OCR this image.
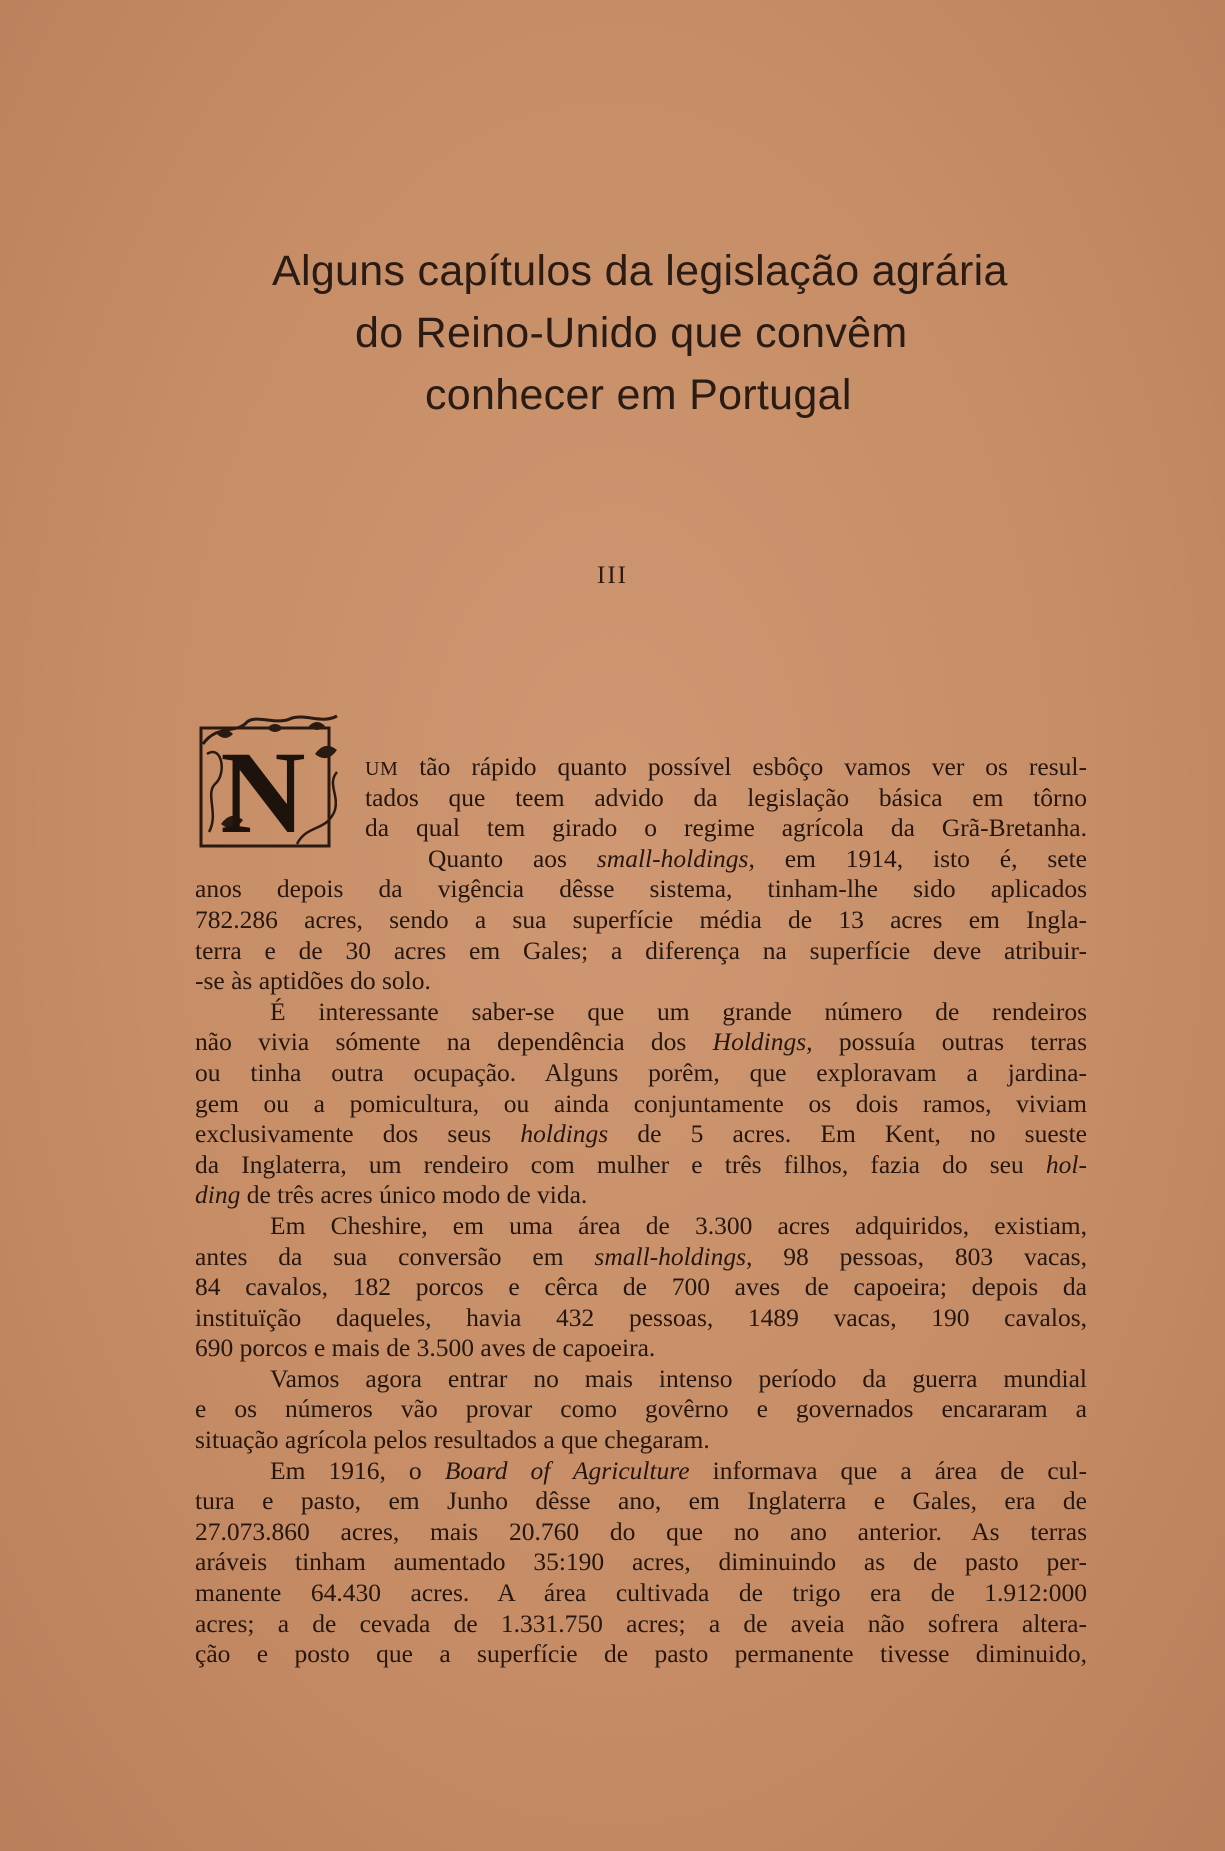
Alguns capítulos da legislação agrária
do Reino-Unido que convêm
conhecer em Portugal
III
N	UM tão rápido quanto possível esbôço vamos ver os resul-
tados que teem advido da legislação básica em tôrno
da qual tem girado o regime agrícola da Grã-Bretanha.
Quanto aos small-holdings, em 1914, isto é, sete
anos depois da vigência dêsse sistema, tinham-lhe sido aplicados
782.286 acres, sendo a sua superfície média de 13 acres em Ingla-
terra e de 30 acres em Gales; a diferença na superfície deve atribuir-
-se às aptidões do solo.
É interessante saber-se que um grande número de rendeiros
não vivia sómente na dependência dos Holdings, possuía outras terras
ou tinha outra ocupação. Alguns porêm, que exploravam a jardina-
gem ou a pomicultura, ou ainda conjuntamente os dois ramos, viviam
exclusivamente dos seus holdings de 5 acres. Em Kent, no sueste
da Inglaterra, um rendeiro com mulher e três filhos, fazia do seu hol-
ding de três acres único modo de vida.
Em Cheshire, em uma área de 3.300 acres adquiridos, existiam,
antes da sua conversão em small-holdings, 98 pessoas, 803 vacas,
84 cavalos, 182 porcos e cêrca de 700 aves de capoeira; depois da
instituïção daqueles, havia 432 pessoas, 1489 vacas, 190 cavalos,
690 porcos e mais de 3.500 aves de capoeira.
Vamos agora entrar no mais intenso período da guerra mundial
e os números vão provar como govêrno e governados encararam a
situação agrícola pelos resultados a que chegaram.
Em 1916, o Board of Agriculture informava que a área de cul-
tura e pasto, em Junho dêsse ano, em Inglaterra e Gales, era de
27.073.860 acres, mais 20.760 do que no ano anterior. As terras
aráveis tinham aumentado 35:190 acres, diminuindo as de pasto per-
manente 64.430 acres. A área cultivada de trigo era de 1.912:000
acres; a de cevada de 1.331.750 acres; a de aveia não sofrera altera-
ção e posto que a superfície de pasto permanente tivesse diminuido,
